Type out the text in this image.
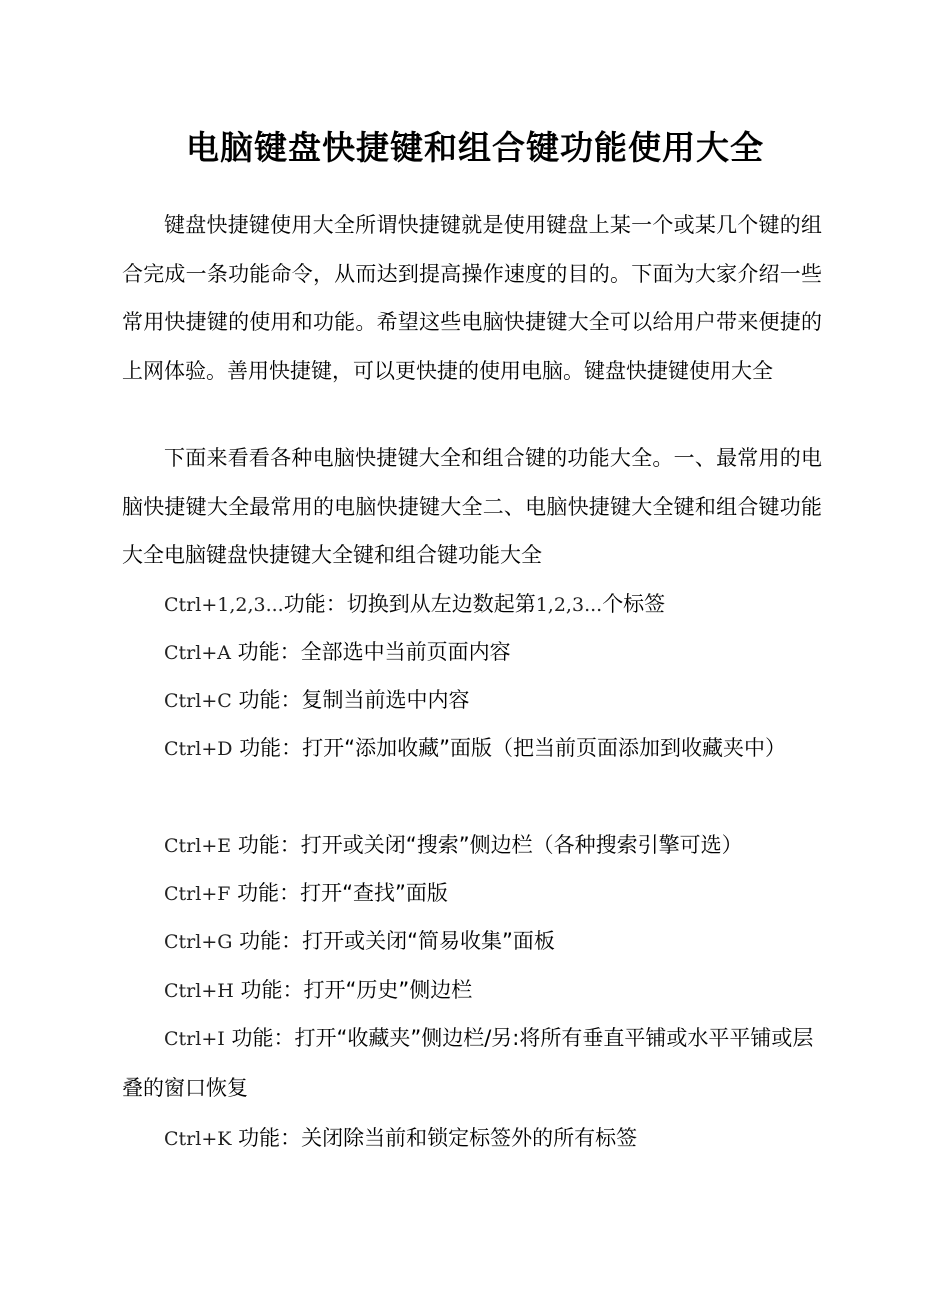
电脑键盘快捷键和组合键功能使用大全
键盘快捷键使用大全所谓快捷键就是使用键盘上某一个或某几个键的组合完成一条功能命令，从而达到提高操作速度的目的。下面为大家介绍一些常用快捷键的使用和功能。希望这些电脑快捷键大全可以给用户带来便捷的上网体验。善用快捷键，可以更快捷的使用电脑。键盘快捷键使用大全
下面来看看各种电脑快捷键大全和组合键的功能大全。一、最常用的电脑快捷键大全最常用的电脑快捷键大全二、电脑快捷键大全键和组合键功能大全电脑键盘快捷键大全键和组合键功能大全
Ctrl+1,2,3...功能：切换到从左边数起第1,2,3...个标签
Ctrl+A 功能：全部选中当前页面内容
Ctrl+C 功能：复制当前选中内容
Ctrl+D 功能：打开“添加收藏”面版（把当前页面添加到收藏夹中）
Ctrl+E 功能：打开或关闭“搜索”侧边栏（各种搜索引擎可选）
Ctrl+F 功能：打开“查找”面版
Ctrl+G 功能：打开或关闭“简易收集”面板
Ctrl+H 功能：打开“历史”侧边栏
Ctrl+I 功能：打开“收藏夹”侧边栏/另:将所有垂直平铺或水平平铺或层叠的窗口恢复
Ctrl+K 功能：关闭除当前和锁定标签外的所有标签
